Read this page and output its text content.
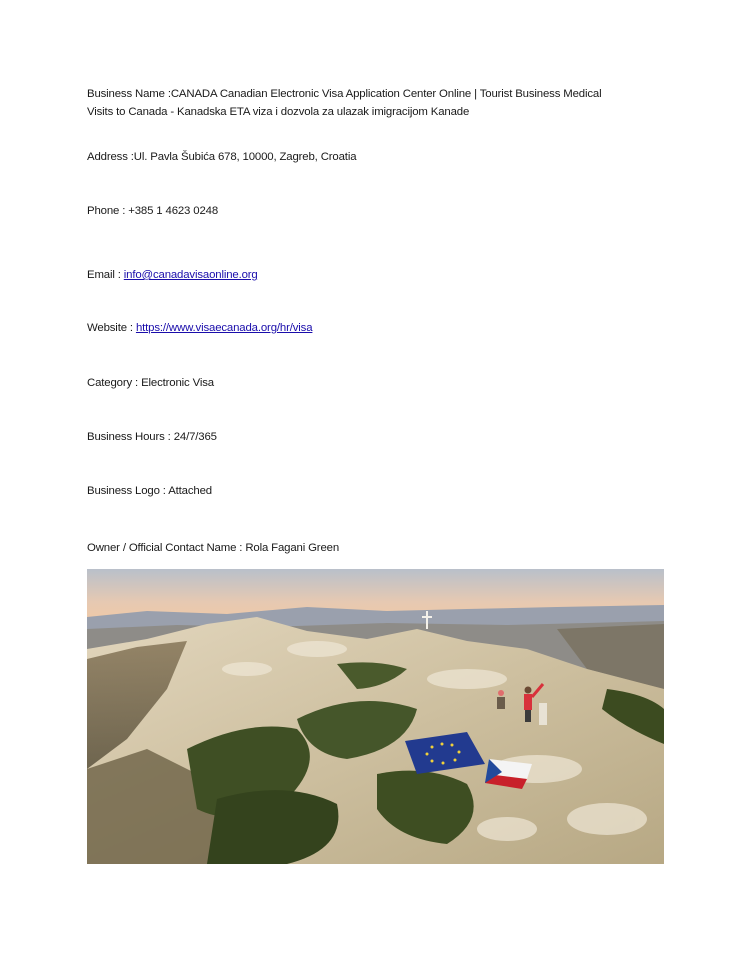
Business Name :CANADA Canadian Electronic Visa Application Center Online | Tourist Business Medical
Visits to Canada - Kanadska ETA viza i dozvola za ulazak imigracijom Kanade
Address :Ul. Pavla Šubića 678, 10000, Zagreb, Croatia
Phone : +385 1 4623 0248
Email : info@canadavisaonline.org
Website : https://www.visaecanada.org/hr/visa
Category : Electronic Visa
Business Hours : 24/7/365
Business Logo : Attached
Owner / Official Contact Name : Rola Fagani Green
